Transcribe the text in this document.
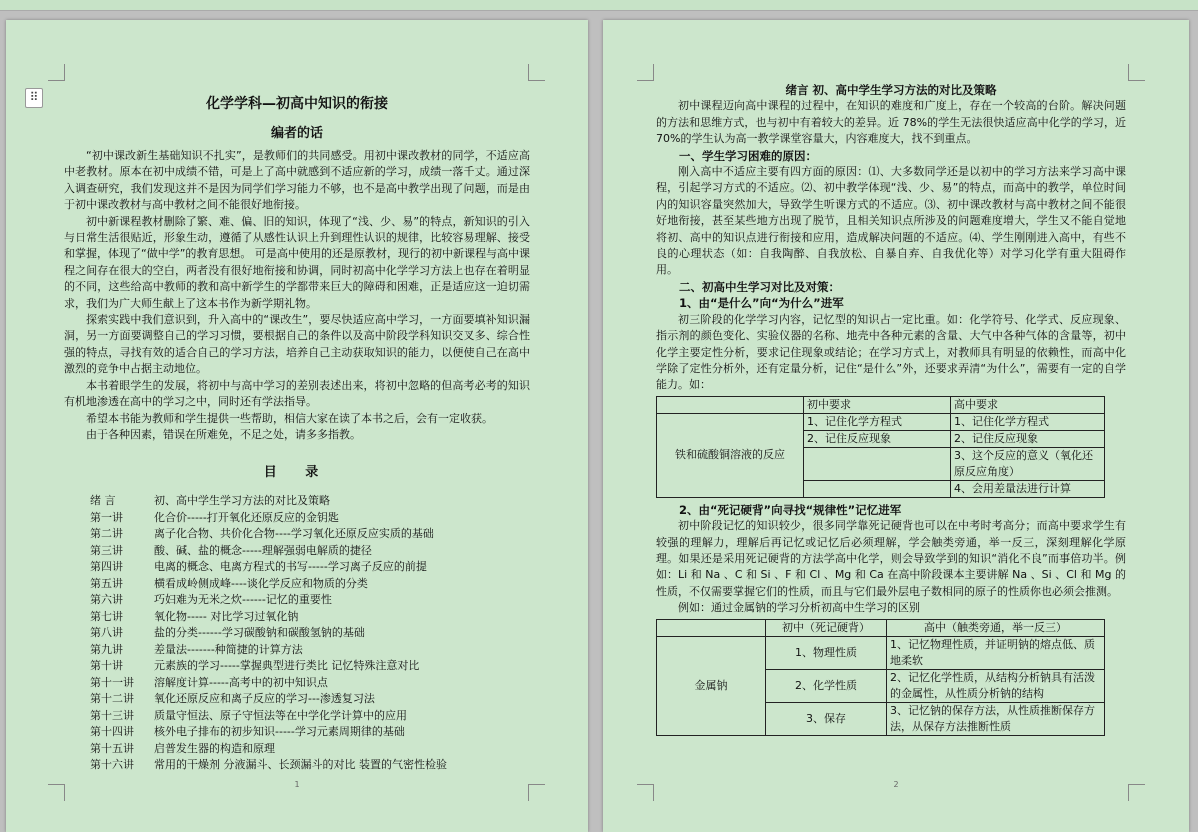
化学学科—初高中知识的衔接
编者的话

“初中课改新生基础知识不扎实”，是教师们的共同感受。用初中课改教材的同学，不适应高中老教材。原本在初中成绩不错，可是上了高中就感到不适应新的学习，成绩一落千丈。通过深入调查研究，我们发现这并不是因为同学们学习能力不够，也不是高中教学出现了问题，而是由于初中课改教材与高中教材之间不能很好地衔接。

初中新课程教材删除了繁、难、偏、旧的知识，体现了“浅、少、易”的特点，新知识的引入与日常生活很贴近，形象生动，遵循了从感性认识上升到理性认识的规律，比较容易理解、接受和掌握，体现了“做中学”的教育思想。 可是高中使用的还是原教材，现行的初中新课程与高中课程之间存在很大的空白，两者没有很好地衔接和协调，同时初高中化学学习方法上也存在着明显的不同，这些给高中教师的教和高中新学生的学都带来巨大的障碍和困难，正是适应这一迫切需求，我们为广大师生献上了这本书作为新学期礼物。

探索实践中我们意识到，升入高中的“课改生”，要尽快适应高中学习，一方面要填补知识漏洞，另一方面要调整自己的学习习惯，要根据自己的条件以及高中阶段学科知识交叉多、综合性强的特点，寻找有效的适合自己的学习方法，培养自己主动获取知识的能力，以便使自己在高中激烈的竞争中占据主动地位。

本书着眼学生的发展，将初中与高中学习的差别表述出来，将初中忽略的但高考必考的知识有机地渗透在高中的学习之中，同时还有学法指导。

希望本书能为教师和学生提供一些帮助，相信大家在读了本书之后，会有一定收获。

由于各种因素，错误在所难免，不足之处，请多多指教。

目 录
绪 言	初、高中学生学习方法的对比及策略
第一讲	化合价-----打开氧化还原反应的金钥匙
第二讲	离子化合物、共价化合物----学习氧化还原反应实质的基础
第三讲	酸、碱、盐的概念-----理解强弱电解质的捷径
第四讲	电离的概念、电离方程式的书写-----学习离子反应的前提
第五讲	横看成岭侧成峰----谈化学反应和物质的分类
第六讲	巧妇难为无米之炊------记忆的重要性
第七讲	氧化物----- 对比学习过氧化钠
第八讲	盐的分类------学习碳酸钠和碳酸氢钠的基础
第九讲	差量法-------种简捷的计算方法
第十讲	元素族的学习-----掌握典型进行类比 记忆特殊注意对比
第十一讲	溶解度计算-----高考中的初中知识点
第十二讲	氧化还原反应和离子反应的学习---渗透复习法
第十三讲	质量守恒法、原子守恒法等在中学化学计算中的应用
第十四讲	核外电子排布的初步知识-----学习元素周期律的基础
第十五讲	启普发生器的构造和原理
第十六讲	常用的干燥剂 分液漏斗、长颈漏斗的对比 装置的气密性检验
1
⠿	绪言 初、高中学生学习方法的对比及策略

初中课程迈向高中课程的过程中，在知识的难度和广度上，存在一个较高的台阶。解决问题的方法和思维方式，也与初中有着较大的差异。近 78%的学生无法很快适应高中化学的学习，近 70%的学生认为高一教学课堂容量大，内容难度大，找不到重点。

一、学生学习困难的原因：

刚入高中不适应主要有四方面的原因：⑴、大多数同学还是以初中的学习方法来学习高中课程，引起学习方式的不适应。⑵、初中教学体现“浅、少、易”的特点，而高中的教学，单位时间内的知识容量突然加大，导致学生听课方式的不适应。⑶、初中课改教材与高中教材之间不能很好地衔接，甚至某些地方出现了脱节，且相关知识点所涉及的问题难度增大，学生又不能自觉地将初、高中的知识点进行衔接和应用，造成解决问题的不适应。⑷、学生刚刚进入高中，有些不良的心理状态（如：自我陶醉、自我放松、自暴自弃、自我优化等）对学习化学有重大阻碍作用。

二、初高中生学习对比及对策：
1、由“是什么”向“为什么”进军

初三阶段的化学学习内容，记忆型的知识占一定比重。如：化学符号、化学式、反应现象、指示剂的颜色变化、实验仪器的名称、地壳中各种元素的含量、大气中各种气体的含量等，初中化学主要定性分析，要求记住现象或结论；在学习方式上，对教师具有明显的依赖性，而高中化学除了定性分析外，还有定量分析，记住“是什么”外，还要求弄清“为什么”，需要有一定的自学能力。如：

	初中要求	高中要求
铁和硫酸铜溶液的反应	1、记住化学方程式	1、记住化学方程式
	2、记住反应现象	2、记住反应现象
		3、这个反应的意义（氧化还原反应角度）
		4、会用差量法进行计算
2、由“死记硬背”向寻找“规律性”记忆进军

初中阶段记忆的知识较少，很多同学靠死记硬背也可以在中考时考高分；而高中要求学生有较强的理解力，理解后再记忆或记忆后必须理解，学会触类旁通，举一反三，深刻理解化学原理。如果还是采用死记硬背的方法学高中化学，则会导致学到的知识“消化不良”而事倍功半。例如：Li 和 Na 、C 和 Si 、F 和 Cl 、Mg 和 Ca 在高中阶段课本主要讲解 Na 、Si 、Cl 和 Mg 的性质，不仅需要掌握它们的性质，而且与它们最外层电子数相同的原子的性质你也必须会推测。

例如：通过金属钠的学习分析初高中生学习的区别

	初中（死记硬背）	高中（触类旁通，举一反三）
金属钠	1、物理性质	1、记忆物理性质，并证明钠的熔点低、质地柔软
	2、化学性质	2、记忆化学性质，从结构分析钠具有活泼的金属性，从性质分析钠的结构
	3、保存	3、记忆钠的保存方法，从性质推断保存方法，从保存方法推断性质
2
